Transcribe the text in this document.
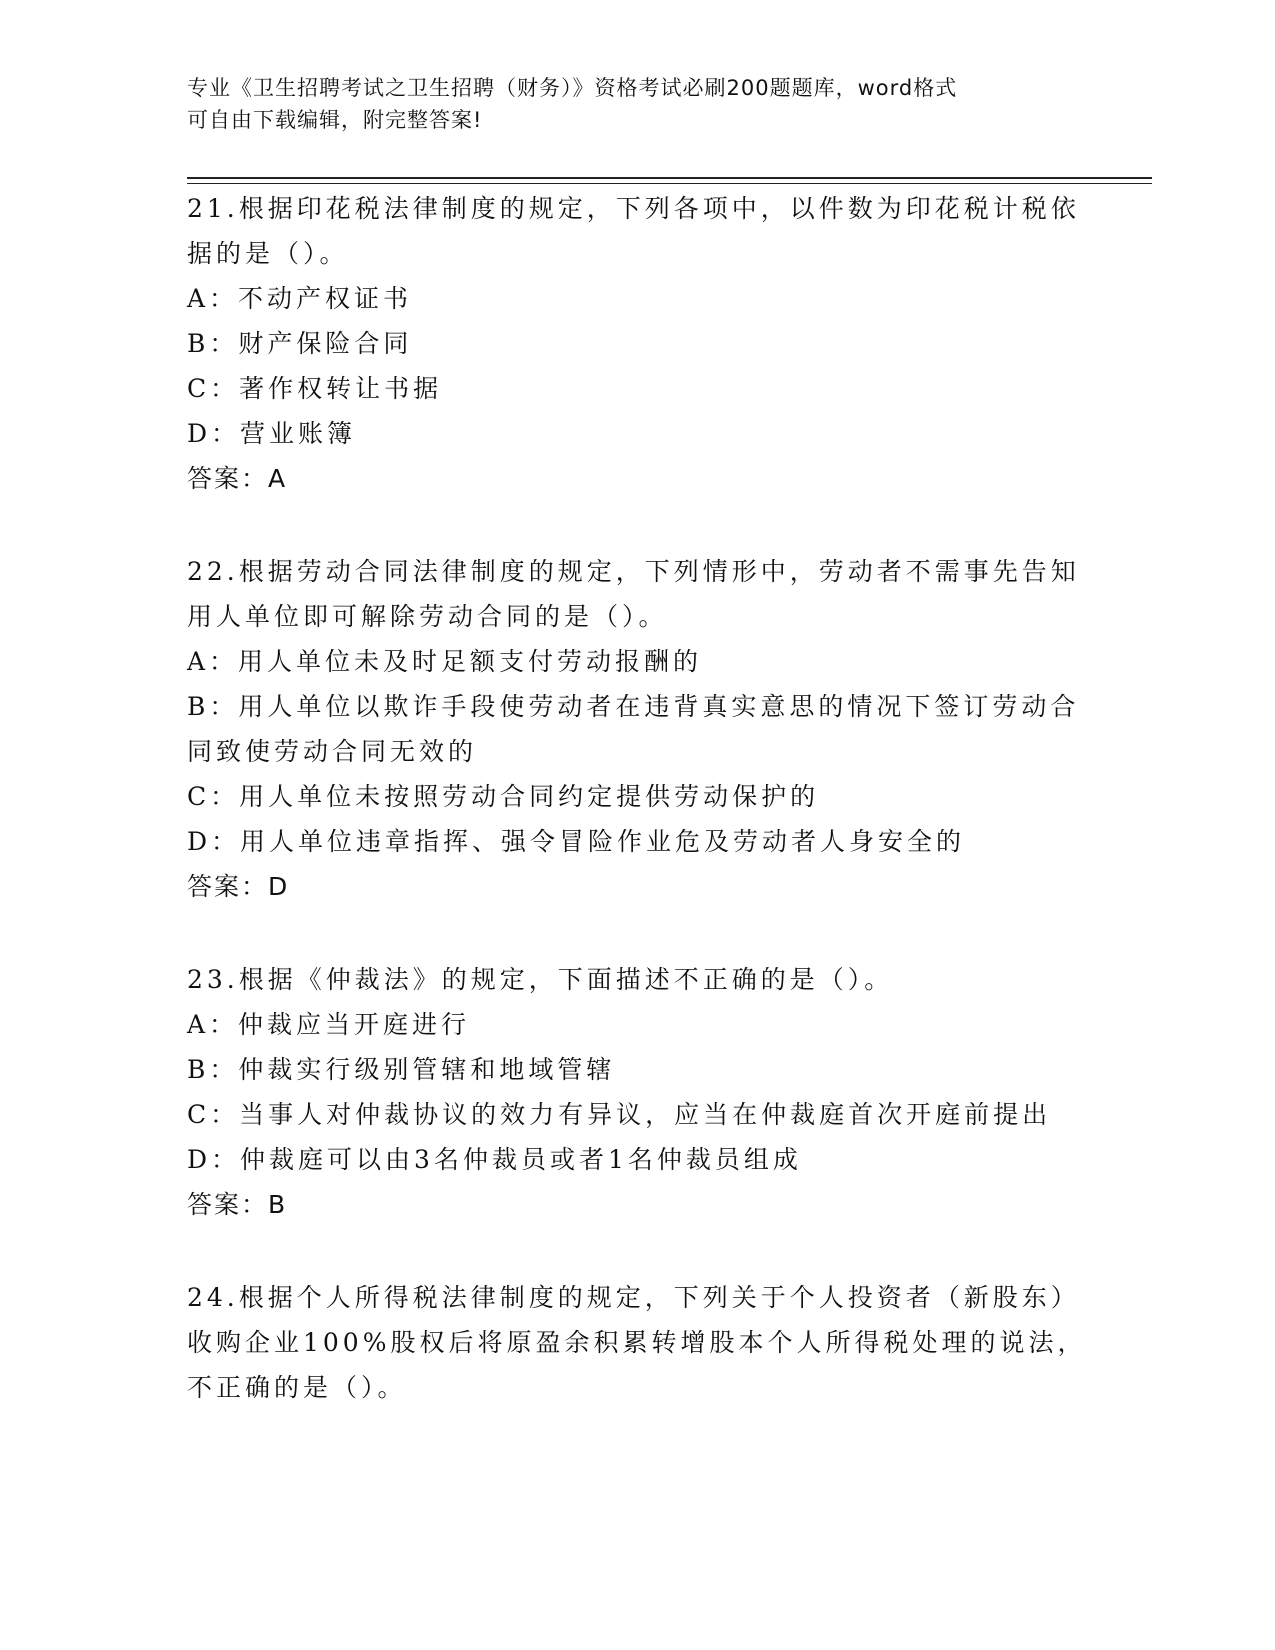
专业《卫生招聘考试之卫生招聘（财务）》资格考试必刷200题题库，word格式
可自由下载编辑，附完整答案!

21.根据印花税法律制度的规定，下列各项中，以件数为印花税计税依

据的是（）。

A：不动产权证书

B：财产保险合同

C：著作权转让书据

D：营业账簿

答案：A

22.根据劳动合同法律制度的规定，下列情形中，劳动者不需事先告知

用人单位即可解除劳动合同的是（）。

A：用人单位未及时足额支付劳动报酬的

B：用人单位以欺诈手段使劳动者在违背真实意思的情况下签订劳动合

同致使劳动合同无效的

C：用人单位未按照劳动合同约定提供劳动保护的

D：用人单位违章指挥、强令冒险作业危及劳动者人身安全的

答案：D

23.根据《仲裁法》的规定，下面描述不正确的是（）。

A：仲裁应当开庭进行

B：仲裁实行级别管辖和地域管辖

C：当事人对仲裁协议的效力有异议，应当在仲裁庭首次开庭前提出

D：仲裁庭可以由3名仲裁员或者1名仲裁员组成

答案：B

24.根据个人所得税法律制度的规定，下列关于个人投资者（新股东）

收购企业100%股权后将原盈余积累转增股本个人所得税处理的说法，

不正确的是（）。
